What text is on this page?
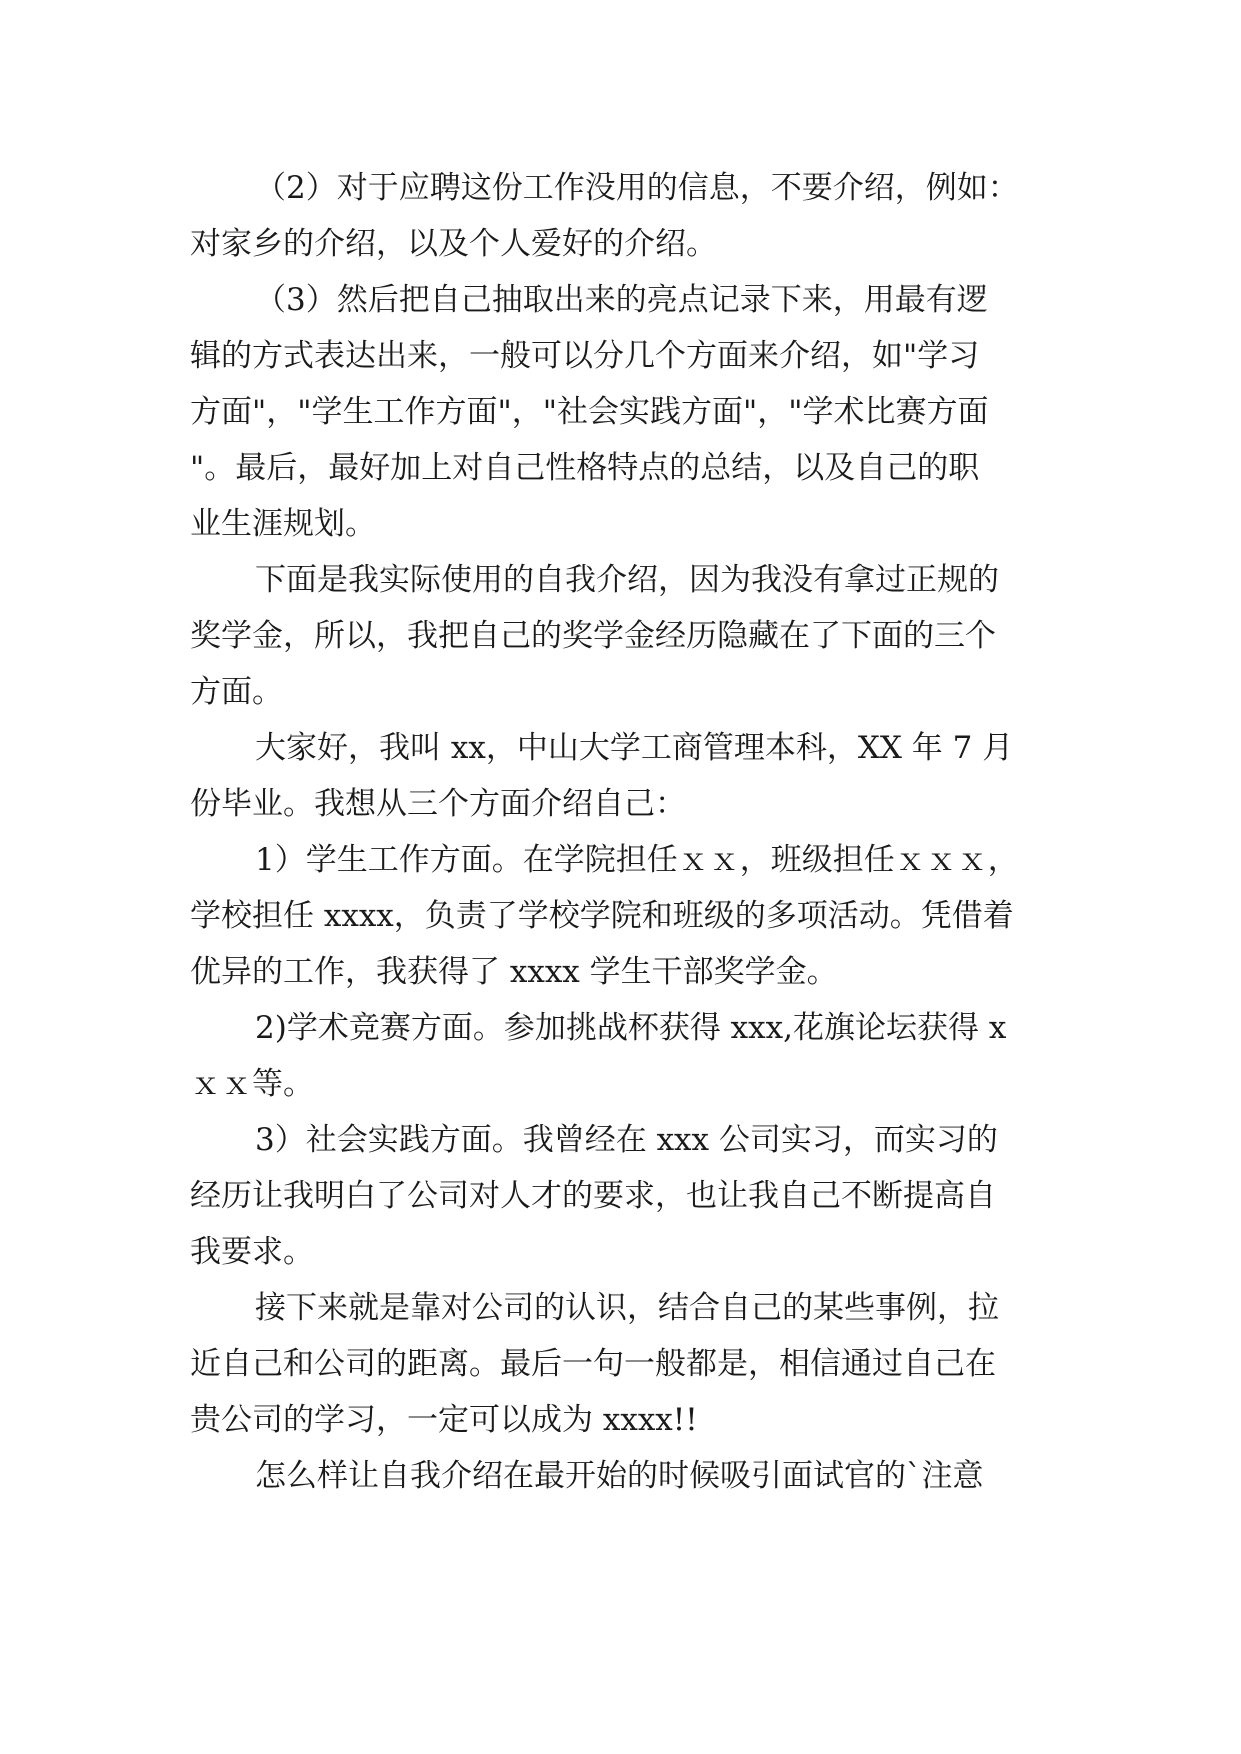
（2）对于应聘这份工作没用的信息，不要介绍，例如：
对家乡的介绍，以及个人爱好的介绍。
（3）然后把自己抽取出来的亮点记录下来，用最有逻
辑的方式表达出来，一般可以分几个方面来介绍，如"学习
方面"，"学生工作方面"，"社会实践方面"，"学术比赛方面
"。最后，最好加上对自己性格特点的总结，以及自己的职
业生涯规划。
下面是我实际使用的自我介绍，因为我没有拿过正规的
奖学金，所以，我把自己的奖学金经历隐藏在了下面的三个
方面。
大家好，我叫 xx，中山大学工商管理本科，XX 年 7 月
份毕业。我想从三个方面介绍自己：
1）学生工作方面。在学院担任ｘｘ，班级担任ｘｘｘ，
学校担任 xxxx，负责了学校学院和班级的多项活动。凭借着
优异的工作，我获得了 xxxx 学生干部奖学金。
2)学术竞赛方面。参加挑战杯获得 xxx,花旗论坛获得 x
ｘｘ等。
3）社会实践方面。我曾经在 xxx 公司实习，而实习的
经历让我明白了公司对人才的要求，也让我自己不断提高自
我要求。
接下来就是靠对公司的认识，结合自己的某些事例，拉
近自己和公司的距离。最后一句一般都是，相信通过自己在
贵公司的学习，一定可以成为 xxxx!!
怎么样让自我介绍在最开始的时候吸引面试官的`注意
